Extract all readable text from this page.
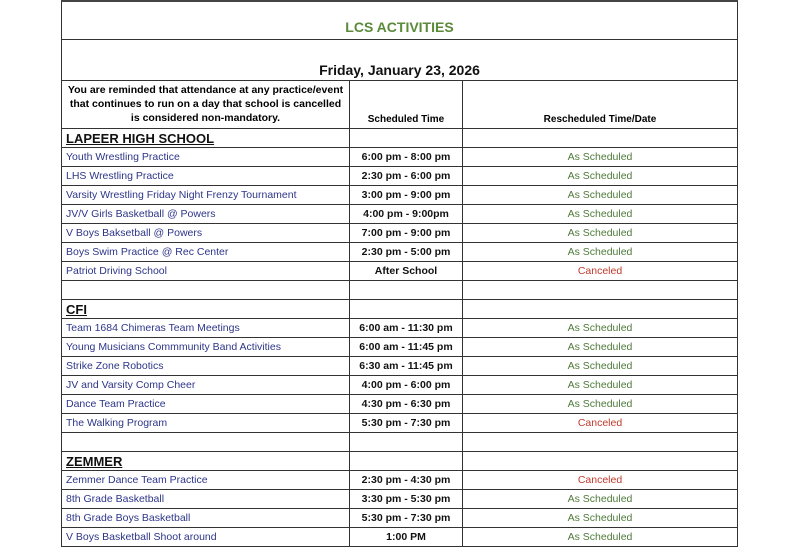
LCS ACTIVITIES		
Friday, January 23, 2026		
You are reminded that attendance at any practice/event that continues to run on a day that school is cancelled is considered non-mandatory.	Scheduled Time	Rescheduled Time/Date
LAPEER HIGH SCHOOL		
Youth Wrestling Practice	6:00 pm - 8:00 pm	As Scheduled
LHS Wrestling Practice	2:30 pm - 6:00 pm	As Scheduled
Varsity Wrestling Friday Night Frenzy Tournament	3:00 pm - 9:00 pm	As Scheduled
JV/V Girls Basketball @ Powers	4:00 pm - 9:00pm	As Scheduled
V Boys Bakset​ball @ Powers	7:00 pm - 9:00 pm	As Scheduled
Boys Swim Practice @ Rec Center	2:30 pm - 5:00 pm	As Scheduled
Patriot Driving School	After School	Canceled

CFI		
Team 1684 Chimeras Team Meetings	6:00 am - 11:30 pm	As Scheduled
Young Musicians Commmunity Band Activities	6:00 am - 11:45 pm	As Scheduled
Strike Zone Robotics	6:30 am - 11:45 pm	As Scheduled
JV and Varsity Comp Cheer	4:00 pm - 6:00 pm	As Scheduled
Dance Team Practice	4:30 pm - 6:30 pm	As Scheduled
The Walking Program	5:30 pm - 7:30 pm	Canceled

ZEMMER		
Zemmer Dance Team Practice	2:30 pm - 4:30 pm	Canceled
8th Grade Basketball	3:30 pm - 5:30 pm	As Scheduled
8th Grade Boys Basketball	5:30 pm - 7:30 pm	As Scheduled
V Boys Basketball Shoot around	1:00 PM	As Scheduled
